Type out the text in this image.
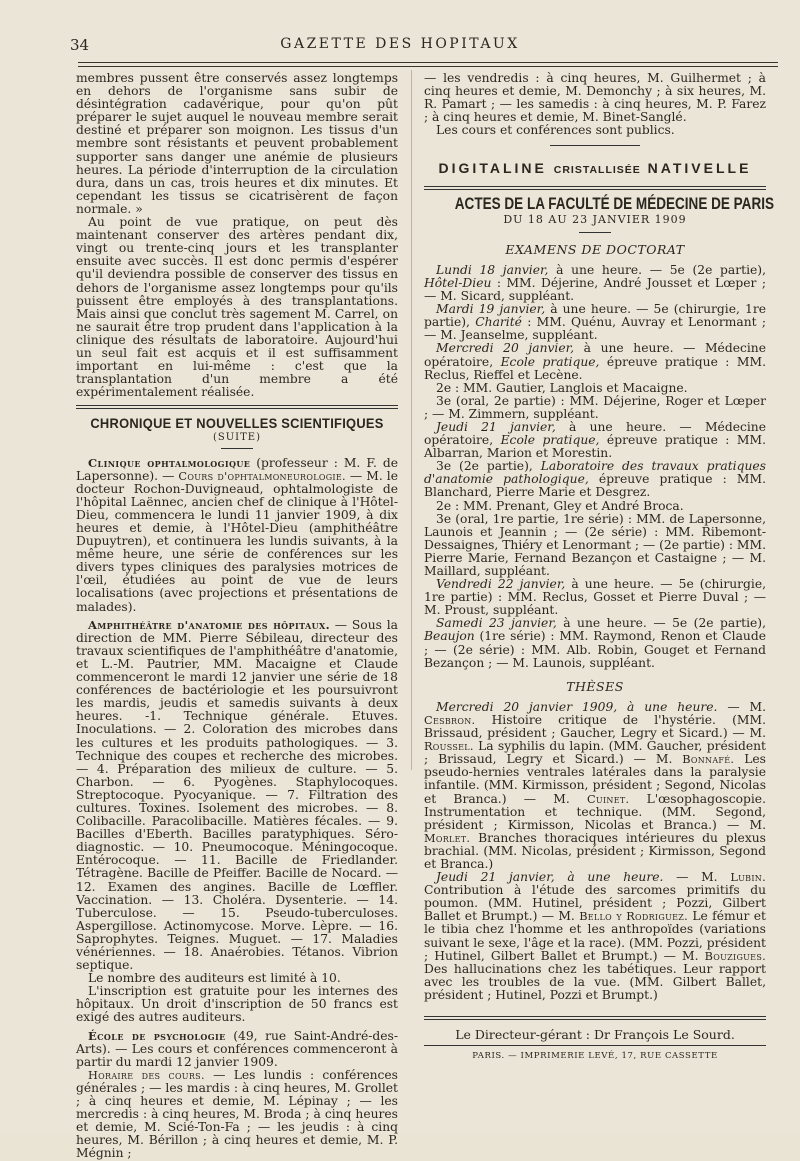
34	GAZETTE DES HOPITAUX

membres pussent être conservés assez longtemps en dehors de l'organisme sans subir de désintégration cadavérique, pour qu'on pût préparer le sujet auquel le nouveau membre serait destiné et préparer son moignon. Les tissus d'un membre sont résistants et peuvent probablement supporter sans danger une anémie de plusieurs heures. La période d'interruption de la circulation dura, dans un cas, trois heures et dix minutes. Et cependant les tissus se cicatrisèrent de façon normale. »

Au point de vue pratique, on peut dès maintenant conserver des artères pendant dix, vingt ou trente-cinq jours et les transplanter ensuite avec succès. Il est donc permis d'espérer qu'il deviendra possible de conserver des tissus en dehors de l'organisme assez longtemps pour qu'ils puissent être employés à des transplantations. Mais ainsi que conclut très sagement M. Carrel, on ne saurait être trop prudent dans l'application à la clinique des résultats de laboratoire. Aujourd'hui un seul fait est acquis et il est suffisamment important en lui-même : c'est que la transplantation d'un membre a été expérimentalement réalisée.

CHRONIQUE ET NOUVELLES SCIENTIFIQUES
(SUITE)

Clinique ophtalmologique (professeur : M. F. de Lapersonne). — Cours d'ophtalmoneurologie. — M. le docteur Rochon-Duvigneaud, ophtalmologiste de l'hôpital Laënnec, ancien chef de clinique à l'Hôtel-Dieu, commencera le lundi 11 janvier 1909, à dix heures et demie, à l'Hôtel-Dieu (amphithéâtre Dupuytren), et continuera les lundis suivants, à la même heure, une série de conférences sur les divers types cliniques des paralysies motrices de l'œil, étudiées au point de vue de leurs localisations (avec projections et présentations de malades).

Amphithéâtre d'anatomie des hôpitaux. — Sous la direction de MM. Pierre Sébileau, directeur des travaux scientifiques de l'amphithéâtre d'anatomie, et L.-M. Pautrier, MM. Macaigne et Claude commenceront le mardi 12 janvier une série de 18 conférences de bactériologie et les poursuivront les mardis, jeudis et samedis suivants à deux heures. -1. Technique générale. Etuves. Inoculations. — 2. Coloration des microbes dans les cultures et les produits pathologiques. — 3. Technique des coupes et recherche des microbes. — 4. Préparation des milieux de culture. — 5. Charbon. — 6. Pyogènes. Staphylocoques. Streptocoque. Pyocyanique. — 7. Filtration des cultures. Toxines. Isolement des microbes. — 8. Colibacille. Paracolibacille. Matières fécales. — 9. Bacilles d'Eberth. Bacilles paratyphiques. Séro-diagnostic. — 10. Pneumocoque. Méningocoque. Entérocoque. — 11. Bacille de Friedlander. Tétragène. Bacille de Pfeiffer. Bacille de Nocard. — 12. Examen des angines. Bacille de Lœffler. Vaccination. — 13. Choléra. Dysenterie. — 14. Tuberculose. — 15. Pseudo-tuberculoses. Aspergillose. Actinomycose. Morve. Lèpre. — 16. Saprophytes. Teignes. Muguet. — 17. Maladies vénériennes. — 18. Anaérobies. Tétanos. Vibrion septique.

Le nombre des auditeurs est limité à 10.

L'inscription est gratuite pour les internes des hôpitaux. Un droit d'inscription de 50 francs est exigé des autres auditeurs.

École de psychologie (49, rue Saint-André-des-Arts). — Les cours et conférences commenceront à partir du mardi 12 janvier 1909.

Horaire des cours. — Les lundis : conférences générales ; — les mardis : à cinq heures, M. Grollet ; à cinq heures et demie, M. Lépinay ; — les mercredis : à cinq heures, M. Broda ; à cinq heures et demie, M. Scié-Ton-Fa ; — les jeudis : à cinq heures, M. Bérillon ; à cinq heures et demie, M. P. Mégnin ;

— les vendredis : à cinq heures, M. Guilhermet ; à cinq heures et demie, M. Demonchy ; à six heures, M. R. Pamart ; — les samedis : à cinq heures, M. P. Farez ; à cinq heures et demie, M. Binet-Sanglé.

Les cours et conférences sont publics.

DIGITALINE CRISTALLISÉE NATIVELLE
ACTES DE LA FACULTÉ DE MÉDECINE DE PARIS
DU 18 AU 23 JANVIER 1909
EXAMENS DE DOCTORAT

Lundi 18 janvier, à une heure. — 5e (2e partie), Hôtel-Dieu : MM. Déjerine, André Jousset et Lœper ; — M. Sicard, suppléant.

Mardi 19 janvier, à une heure. — 5e (chirurgie, 1re partie), Charité : MM. Quénu, Auvray et Lenormant ; — M. Jeanselme, suppléant.

Mercredi 20 janvier, à une heure. — Médecine opératoire, Ecole pratique, épreuve pratique : MM. Reclus, Rieffel et Lecène.

2e : MM. Gautier, Langlois et Macaigne.

3e (oral, 2e partie) : MM. Déjerine, Roger et Lœper ; — M. Zimmern, suppléant.

Jeudi 21 janvier, à une heure. — Médecine opératoire, Ecole pratique, épreuve pratique : MM. Albarran, Marion et Morestin.

3e (2e partie), Laboratoire des travaux pratiques d'anatomie pathologique, épreuve pratique : MM. Blanchard, Pierre Marie et Desgrez.

2e : MM. Prenant, Gley et André Broca.

3e (oral, 1re partie, 1re série) : MM. de Lapersonne, Launois et Jeannin ; — (2e série) : MM. Ribemont-Dessaignes, Thiéry et Lenormant ; — (2e partie) : MM. Pierre Marie, Fernand Bezançon et Castaigne ; — M. Maillard, suppléant.

Vendredi 22 janvier, à une heure. — 5e (chirurgie, 1re partie) : MM. Reclus, Gosset et Pierre Duval ; — M. Proust, suppléant.

Samedi 23 janvier, à une heure. — 5e (2e partie), Beaujon (1re série) : MM. Raymond, Renon et Claude ; — (2e série) : MM. Alb. Robin, Gouget et Fernand Bezançon ; — M. Launois, suppléant.

THÈSES

Mercredi 20 janvier 1909, à une heure. — M. Cesbron. Histoire critique de l'hystérie. (MM. Brissaud, président ; Gaucher, Legry et Sicard.) — M. Roussel. La syphilis du lapin. (MM. Gaucher, président ; Brissaud, Legry et Sicard.) — M. Bonnafé. Les pseudo-hernies ventrales latérales dans la paralysie infantile. (MM. Kirmisson, président ; Segond, Nicolas et Branca.) — M. Cuinet. L'œsophagoscopie. Instrumentation et technique. (MM. Segond, président ; Kirmisson, Nicolas et Branca.) — M. Morlet. Branches thoraciques intérieures du plexus brachial. (MM. Nicolas, président ; Kirmisson, Segond et Branca.)

Jeudi 21 janvier, à une heure. — M. Lubin. Contribution à l'étude des sarcomes primitifs du poumon. (MM. Hutinel, président ; Pozzi, Gilbert Ballet et Brumpt.) — M. Bello y Rodriguez. Le fémur et le tibia chez l'homme et les anthropoïdes (variations suivant le sexe, l'âge et la race). (MM. Pozzi, président ; Hutinel, Gilbert Ballet et Brumpt.) — M. Bouzigues. Des hallucinations chez les tabétiques. Leur rapport avec les troubles de la vue. (MM. Gilbert Ballet, président ; Hutinel, Pozzi et Brumpt.)

Le Directeur-gérant : Dr François Le Sourd.
PARIS. — IMPRIMERIE LEVÉ, 17, RUE CASSETTE
